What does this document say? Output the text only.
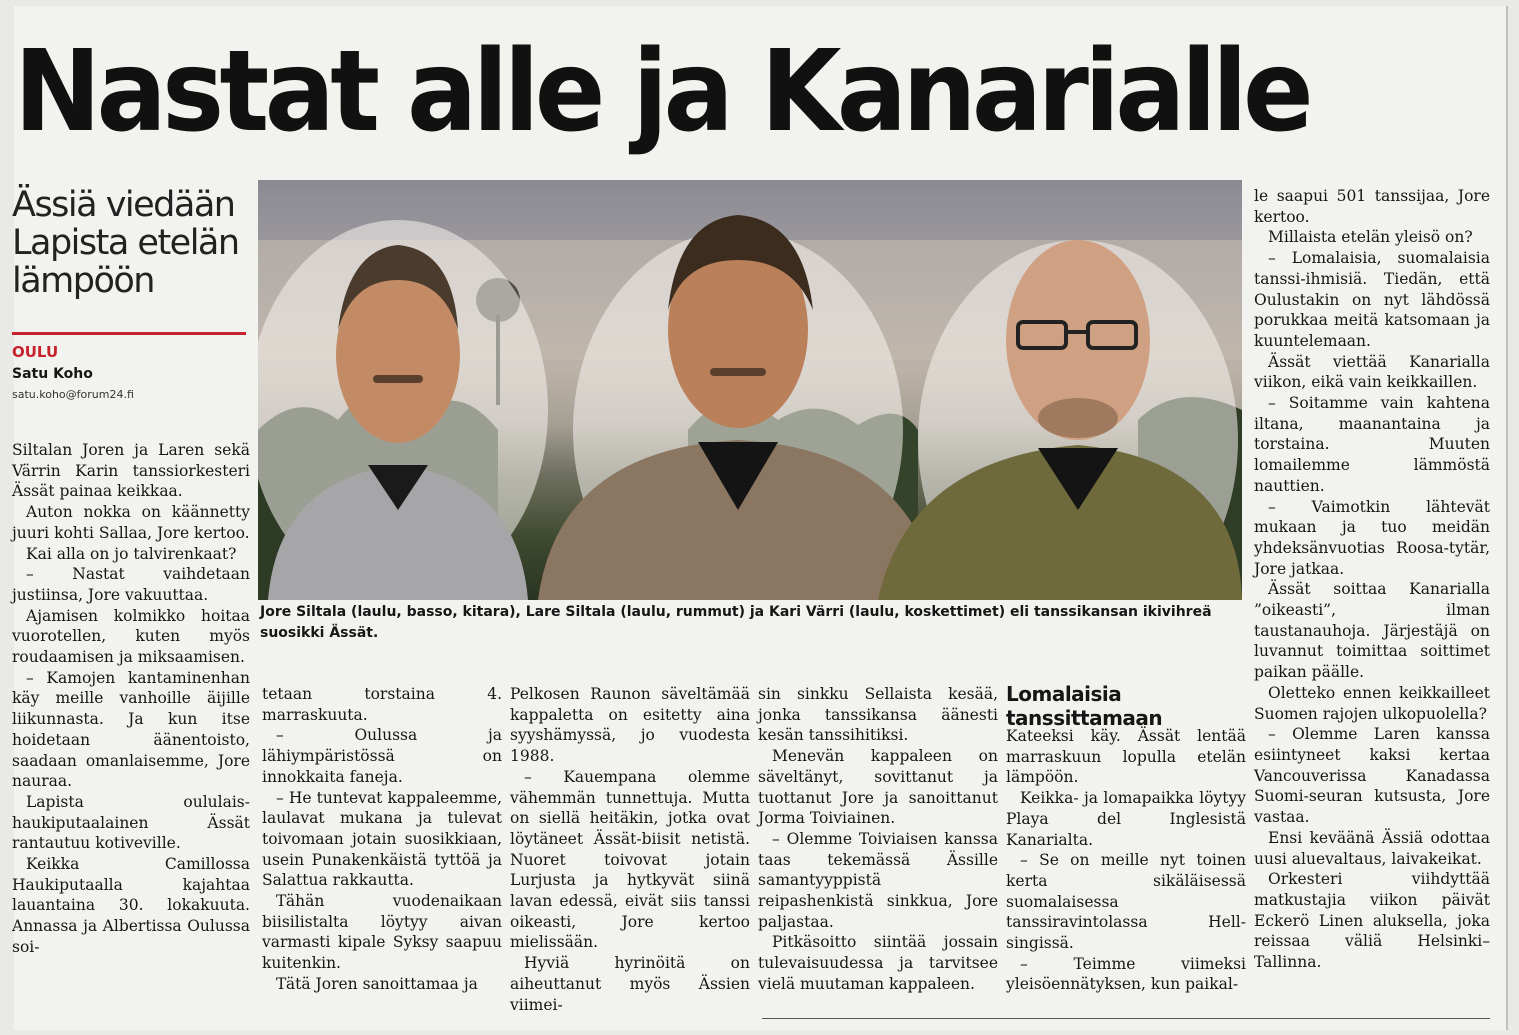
Nastat alle ja Kanarialle
Ässiä viedään Lapista etelän lämpöön
OULU
Satu Koho
satu.koho@forum24.fi
Jore Siltala (laulu, basso, kitara), Lare Siltala (laulu, rummut) ja Kari Värri (laulu, koskettimet) eli tanssikansan ikivihreä suosikki Ässät.

Siltalan Joren ja Laren sekä Värrin Karin tanssiorkesteri Ässät painaa keikkaa.

Auton nokka on käännetty juuri kohti Sallaa, Jore kertoo.

Kai alla on jo talvirenkaat?

– Nastat vaihdetaan justiinsa, Jore vakuuttaa.

Ajamisen kolmikko hoitaa vuorotellen, kuten myös roudaamisen ja miksaamisen.

– Kamojen kantaminenhan käy meille vanhoille äijille liikunnasta. Ja kun itse hoidetaan äänentoisto, saadaan omanlaisemme, Jore nauraa.

Lapista oululais-haukiputaalainen Ässät rantautuu kotiveville.

Keikka Camillossa Haukiputaalla kajahtaa lauantaina 30. lokakuuta. Annassa ja Albertissa Oulussa soi-

tetaan torstaina 4. marraskuuta.

– Oulussa ja lähiympäristössä on innokkaita faneja.

– He tuntevat kappaleemme, laulavat mukana ja tulevat toivomaan jotain suosikkiaan, usein Punakenkäistä tyttöä ja Salattua rakkautta.

Tähän vuodenaikaan biisilistalta löytyy aivan varmasti kipale Syksy saapuu kuitenkin.

Tätä Joren sanoittamaa ja

Pelkosen Raunon säveltämää kappaletta on esitetty aina syyshämyssä, jo vuodesta 1988.

– Kauempana olemme vähemmän tunnettuja. Mutta on siellä heitäkin, jotka ovat löytäneet Ässät-biisit netistä. Nuoret toivovat jotain Lurjusta ja hytkyvät siinä lavan edessä, eivät siis tanssi oikeasti, Jore kertoo mielissään.

Hyviä hyrinöitä on aiheuttanut myös Ässien viimei-

sin sinkku Sellaista kesää, jonka tanssikansa äänesti kesän tanssihitiksi.

Menevän kappaleen on säveltänyt, sovittanut ja tuottanut Jore ja sanoittanut Jorma Toiviainen.

– Olemme Toiviaisen kanssa taas tekemässä Ässille samantyyppistä reipashenkistä sinkkua, Jore paljastaa.

Pitkäsoitto siintää jossain tulevaisuudessa ja tarvitsee vielä muutaman kappaleen.

Lomalaisia tanssittamaan

Kateeksi käy. Ässät lentää marraskuun lopulla etelän lämpöön.

Keikka- ja lomapaikka löytyy Playa del Inglesistä Kanarialta.

– Se on meille nyt toinen kerta sikäläisessä suomalaisessa tanssiravintolassa Hell-singissä.

– Teimme viimeksi yleisöennätyksen, kun paikal-

le saapui 501 tanssijaa, Jore kertoo.

Millaista etelän yleisö on?

– Lomalaisia, suomalaisia tanssi-ihmisiä. Tiedän, että Oulustakin on nyt lähdössä porukkaa meitä katsomaan ja kuuntelemaan.

Ässät viettää Kanarialla viikon, eikä vain keikkaillen.

– Soitamme vain kahtena iltana, maanantaina ja torstaina. Muuten lomailemme lämmöstä nauttien.

– Vaimotkin lähtevät mukaan ja tuo meidän yhdeksänvuotias Roosa-tytär, Jore jatkaa.

Ässät soittaa Kanarialla ”oikeasti”, ilman taustanauhoja. Järjestäjä on luvannut toimittaa soittimet paikan päälle.

Oletteko ennen keikkailleet Suomen rajojen ulkopuolella?

– Olemme Laren kanssa esiintyneet kaksi kertaa Vancouverissa Kanadassa Suomi-seuran kutsusta, Jore vastaa.

Ensi keväänä Ässiä odottaa uusi aluevaltaus, laivakeikat.

Orkesteri viihdyttää matkustajia viikon päivät Eckerö Linen aluksella, joka reissaa väliä Helsinki–Tallinna.
